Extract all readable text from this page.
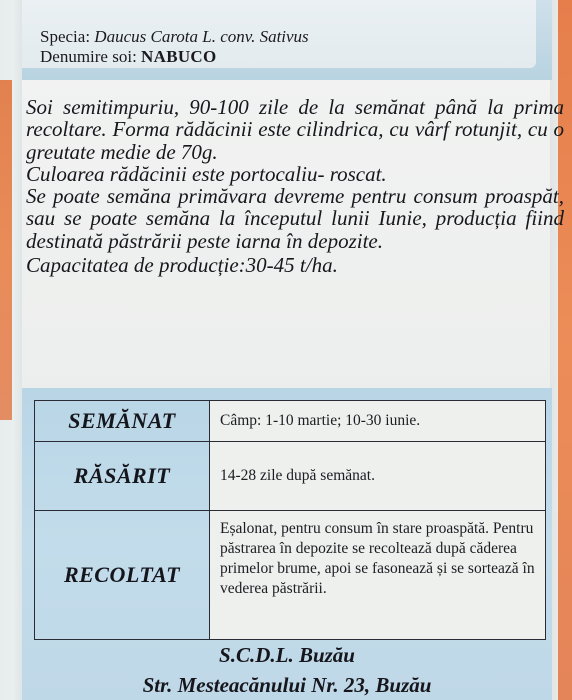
Specia: Daucus Carota L. conv. Sativus
Denumire soi: NABUCO

Soi semitimpuriu, 90-100 zile de la semănat până la prima recoltare. Forma rădăcinii este cilindrica, cu vârf rotunjit, cu o greutate medie de 70g.

Culoarea rădăcinii este portocaliu- roscat.

Se poate semăna primăvara devreme pentru consum proaspăt, sau se poate semăna la începutul lunii Iunie, producția fiind destinată păstrării peste iarna în depozite.

Capacitatea de producție:30-45 t/ha.

SEMĂNAT	Câmp: 1-10 martie; 10-30 iunie.
RĂSĂRIT	14-28 zile după semănat.
RECOLTAT	Eșalonat, pentru consum în stare proaspătă. Pentru păstrarea în depozite se recoltează după căderea primelor brume, apoi se fasonează și se sortează în vederea păstrării.
S.C.D.L. Buzău
Str. Mesteacănului Nr. 23, Buzău
